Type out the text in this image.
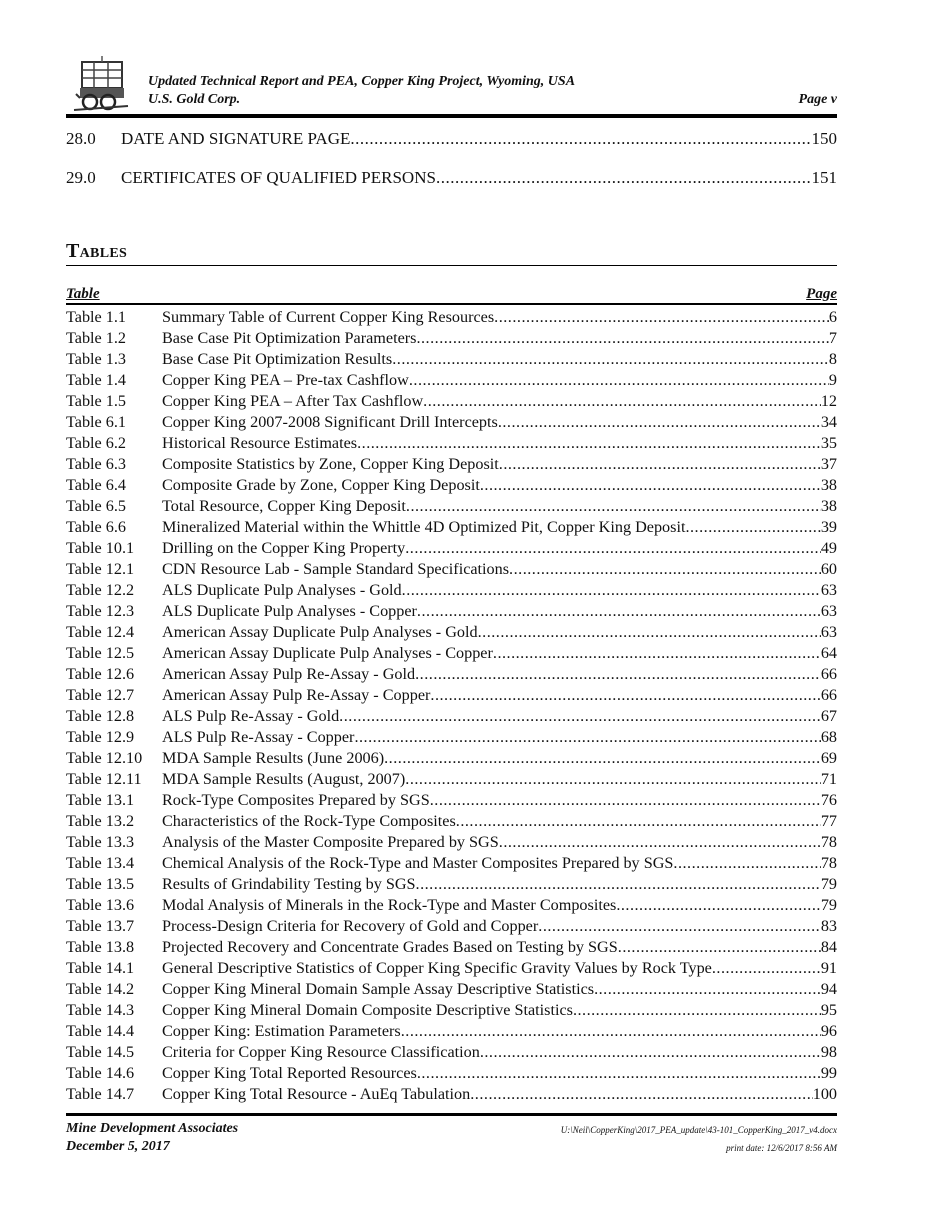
Updated Technical Report and PEA, Copper King Project, Wyoming, USA
U.S. Gold Corp.	Page v
28.0	DATE AND SIGNATURE PAGE .....	150
29.0	CERTIFICATES OF QUALIFIED PERSONS .....	151
Tables
Table	Page
Table 1.1	Summary Table of Current Copper King Resources .....	6
Table 1.2	Base Case Pit Optimization Parameters .....	7
Table 1.3	Base Case Pit Optimization Results .....	8
Table 1.4	Copper King PEA – Pre-tax Cashflow .....	9
Table 1.5	Copper King PEA – After Tax Cashflow .....	12
Table 6.1	Copper King 2007-2008 Significant Drill Intercepts .....	34
Table 6.2	Historical Resource Estimates .....	35
Table 6.3	Composite Statistics by Zone, Copper King Deposit .....	37
Table 6.4	Composite Grade by Zone, Copper King Deposit .....	38
Table 6.5	Total Resource, Copper King Deposit .....	38
Table 6.6	Mineralized Material within the Whittle 4D Optimized Pit, Copper King Deposit .....	39
Table 10.1	Drilling on the Copper King Property .....	49
Table 12.1	CDN Resource Lab - Sample Standard Specifications .....	60
Table 12.2	ALS Duplicate Pulp Analyses - Gold .....	63
Table 12.3	ALS Duplicate Pulp Analyses - Copper .....	63
Table 12.4	American Assay Duplicate Pulp Analyses - Gold .....	63
Table 12.5	American Assay Duplicate Pulp Analyses - Copper .....	64
Table 12.6	American Assay Pulp Re-Assay - Gold .....	66
Table 12.7	American Assay Pulp Re-Assay - Copper .....	66
Table 12.8	ALS Pulp Re-Assay - Gold .....	67
Table 12.9	ALS Pulp Re-Assay - Copper .....	68
Table 12.10	MDA Sample Results (June 2006) .....	69
Table 12.11	MDA Sample Results (August, 2007) .....	71
Table 13.1	Rock-Type Composites Prepared by SGS .....	76
Table 13.2	Characteristics of the Rock-Type Composites .....	77
Table 13.3	Analysis of the Master Composite Prepared by SGS .....	78
Table 13.4	Chemical Analysis of the Rock-Type and Master Composites Prepared by SGS .....	78
Table 13.5	Results of Grindability Testing by SGS .....	79
Table 13.6	Modal Analysis of Minerals in the Rock-Type and Master Composites .....	79
Table 13.7	Process-Design Criteria for Recovery of Gold and Copper .....	83
Table 13.8	Projected Recovery and Concentrate Grades Based on Testing by SGS .....	84
Table 14.1	General Descriptive Statistics of Copper King Specific Gravity Values by Rock Type .....	91
Table 14.2	Copper King Mineral Domain Sample Assay Descriptive Statistics .....	94
Table 14.3	Copper King Mineral Domain Composite Descriptive Statistics .....	95
Table 14.4	Copper King: Estimation Parameters .....	96
Table 14.5	Criteria for Copper King Resource Classification .....	98
Table 14.6	Copper King Total Reported Resources .....	99
Table 14.7	Copper King Total Resource - AuEq Tabulation .....	100
Mine Development Associates
December 5, 2017
U:\Neil\CopperKing\2017_PEA_update\43-101_CopperKing_2017_v4.docx
print date: 12/6/2017 8:56 AM
